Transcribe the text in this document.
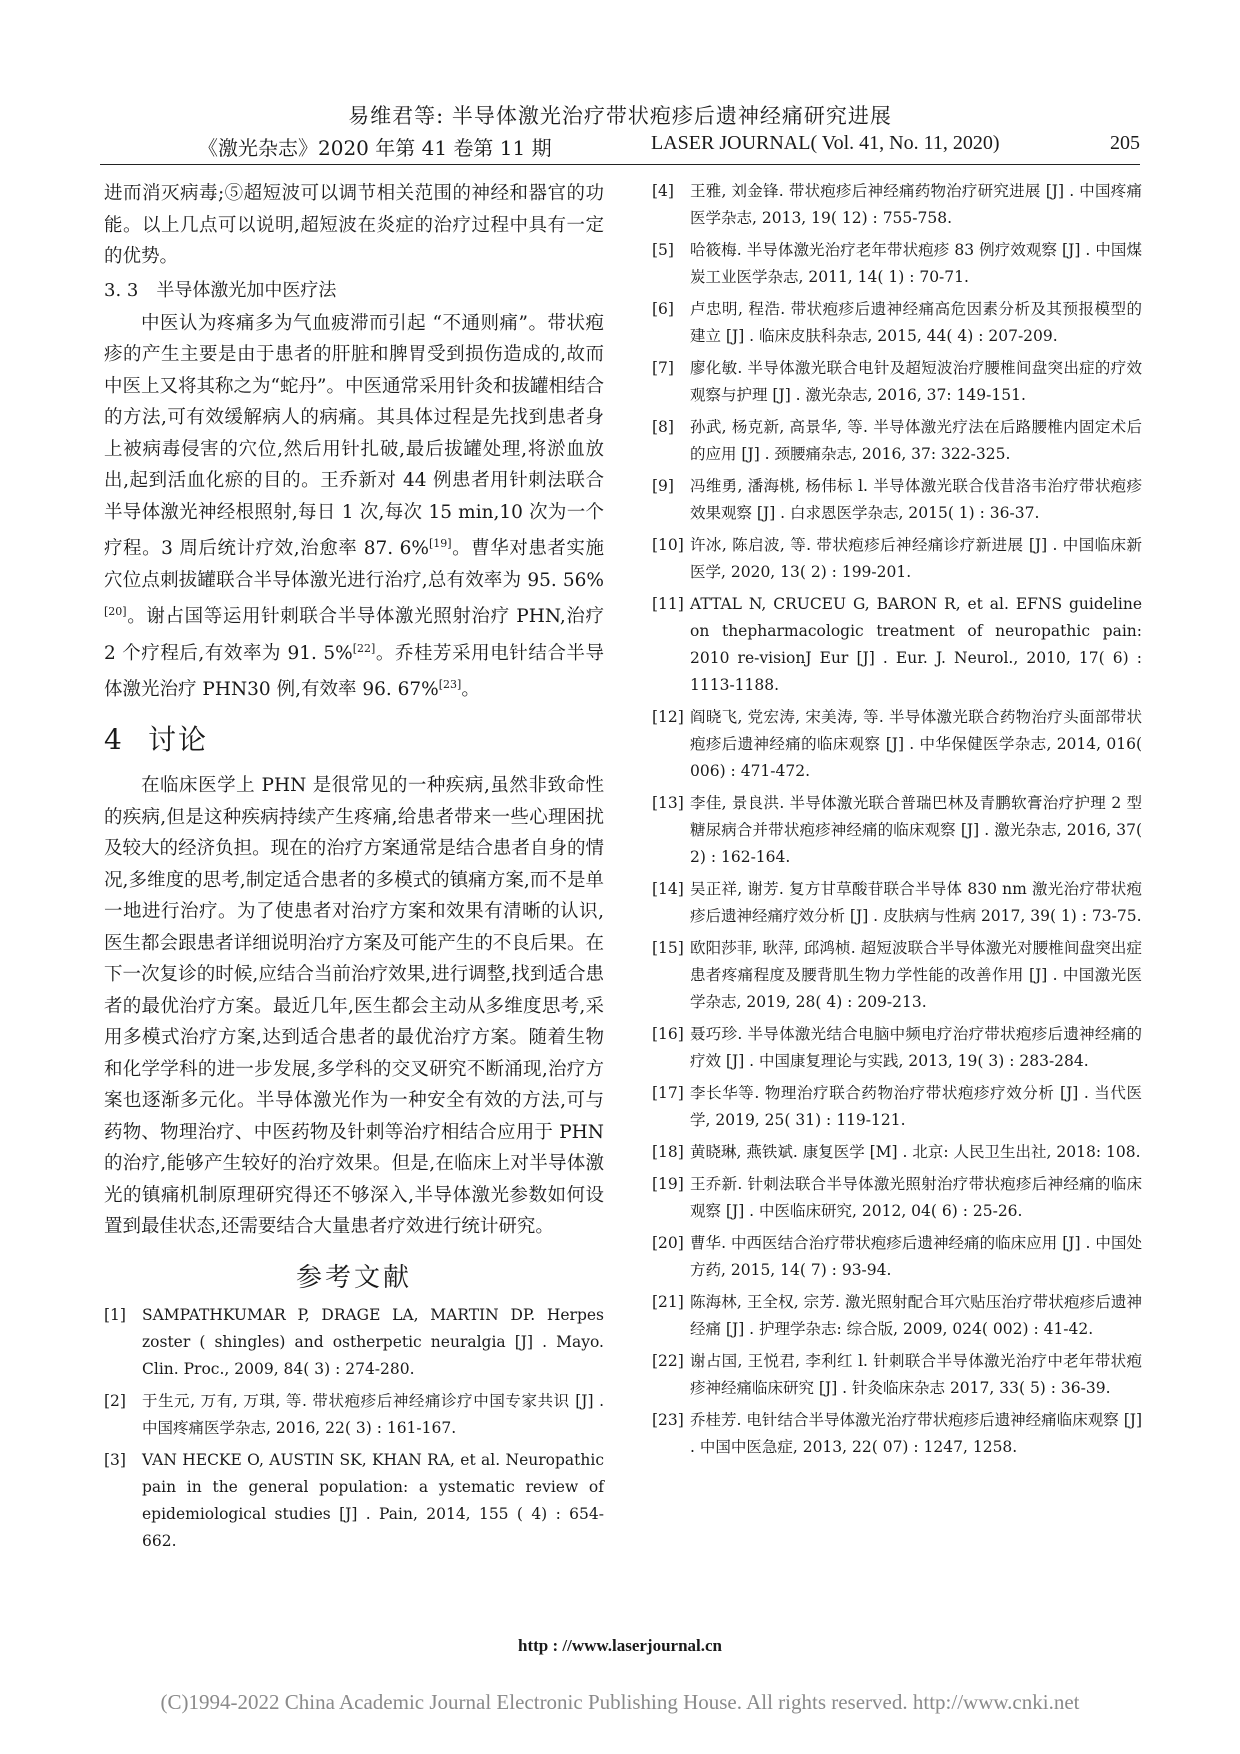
易维君等: 半导体激光治疗带状疱疹后遗神经痛研究进展
《激光杂志》2020 年第 41 卷第 11 期	LASER JOURNAL( Vol. 41, No. 11, 2020)	205

进而消灭病毒;⑤超短波可以调节相关范围的神经和器官的功能。以上几点可以说明,超短波在炎症的治疗过程中具有一定的优势。

3. 3　半导体激光加中医疗法

中医认为疼痛多为气血疲滞而引起 “不通则痛”。带状疱疹的产生主要是由于患者的肝脏和脾胃受到损伤造成的,故而中医上又将其称之为“蛇丹”。中医通常采用针灸和拔罐相结合的方法,可有效缓解病人的病痛。其具体过程是先找到患者身上被病毒侵害的穴位,然后用针扎破,最后拔罐处理,将淤血放出,起到活血化瘀的目的。王乔新对 44 例患者用针刺法联合半导体激光神经根照射,每日 1 次,每次 15 min,10 次为一个疗程。3 周后统计疗效,治愈率 87. 6%[19]。曹华对患者实施穴位点刺拔罐联合半导体激光进行治疗,总有效率为 95. 56%[20]。谢占国等运用针刺联合半导体激光照射治疗 PHN,治疗 2 个疗程后,有效率为 91. 5%[22]。乔桂芳采用电针结合半导体激光治疗 PHN30 例,有效率 96. 67%[23]。

4 讨论

在临床医学上 PHN 是很常见的一种疾病,虽然非致命性的疾病,但是这种疾病持续产生疼痛,给患者带来一些心理困扰及较大的经济负担。现在的治疗方案通常是结合患者自身的情况,多维度的思考,制定适合患者的多模式的镇痛方案,而不是单一地进行治疗。为了使患者对治疗方案和效果有清晰的认识,医生都会跟患者详细说明治疗方案及可能产生的不良后果。在下一次复诊的时候,应结合当前治疗效果,进行调整,找到适合患者的最优治疗方案。最近几年,医生都会主动从多维度思考,采用多模式治疗方案,达到适合患者的最优治疗方案。随着生物和化学学科的进一步发展,多学科的交叉研究不断涌现,治疗方案也逐渐多元化。半导体激光作为一种安全有效的方法,可与药物、物理治疗、中医药物及针刺等治疗相结合应用于 PHN 的治疗,能够产生较好的治疗效果。但是,在临床上对半导体激光的镇痛机制原理研究得还不够深入,半导体激光参数如何设置到最佳状态,还需要结合大量患者疗效进行统计研究。

参考文献
[1]	SAMPATHKUMAR P, DRAGE LA, MARTIN DP. Herpes zoster ( shingles) and ostherpetic neuralgia [J] . Mayo. Clin. Proc., 2009, 84( 3) : 274-280.
[2]	于生元, 万有, 万琪, 等. 带状疱疹后神经痛诊疗中国专家共识 [J] . 中国疼痛医学杂志, 2016, 22( 3) : 161-167.
[3]	VAN HECKE O, AUSTIN SK, KHAN RA, et al. Neuropathic pain in the general population: a ystematic review of epidemiological studies [J] . Pain, 2014, 155 ( 4) : 654-662.
[4]	王雅, 刘金锋. 带状疱疹后神经痛药物治疗研究进展 [J] . 中国疼痛医学杂志, 2013, 19( 12) : 755-758.
[5]	哈筱梅. 半导体激光治疗老年带状疱疹 83 例疗效观察 [J] . 中国煤炭工业医学杂志, 2011, 14( 1) : 70-71.
[6]	卢忠明, 程浩. 带状疱疹后遗神经痛高危因素分析及其预报模型的建立 [J] . 临床皮肤科杂志, 2015, 44( 4) : 207-209.
[7]	廖化敏. 半导体激光联合电针及超短波治疗腰椎间盘突出症的疗效观察与护理 [J] . 激光杂志, 2016, 37: 149-151.
[8]	孙武, 杨克新, 高景华, 等. 半导体激光疗法在后路腰椎内固定术后的应用 [J] . 颈腰痛杂志, 2016, 37: 322-325.
[9]	冯维勇, 潘海桃, 杨伟标 l. 半导体激光联合伐昔洛韦治疗带状疱疹效果观察 [J] . 白求恩医学杂志, 2015( 1) : 36-37.
[10] 许冰, 陈启波, 等. 带状疱疹后神经痛诊疗新进展 [J] . 中国临床新医学, 2020, 13( 2) : 199-201.
[11] ATTAL N, CRUCEU G, BARON R, et al. EFNS guideline on thepharmacologic treatment of neuropathic pain: 2010 re-visionJ Eur [J] . Eur. J. Neurol., 2010, 17( 6) : 1113-1188.
[12] 阎晓飞, 党宏涛, 宋美涛, 等. 半导体激光联合药物治疗头面部带状疱疹后遗神经痛的临床观察 [J] . 中华保健医学杂志, 2014, 016( 006) : 471-472.
[13] 李佳, 景良洪. 半导体激光联合普瑞巴林及青鹏软膏治疗护理 2 型糖尿病合并带状疱疹神经痛的临床观察 [J] . 激光杂志, 2016, 37( 2) : 162-164.
[14] 吴正祥, 谢芳. 复方甘草酸苷联合半导体 830 nm 激光治疗带状疱疹后遗神经痛疗效分析 [J] . 皮肤病与性病 2017, 39( 1) : 73-75.
[15] 欧阳莎菲, 耿萍, 邱鸿桢. 超短波联合半导体激光对腰椎间盘突出症患者疼痛程度及腰背肌生物力学性能的改善作用 [J] . 中国激光医学杂志, 2019, 28( 4) : 209-213.
[16] 聂巧珍. 半导体激光结合电脑中频电疗治疗带状疱疹后遗神经痛的疗效 [J] . 中国康复理论与实践, 2013, 19( 3) : 283-284.
[17] 李长华等. 物理治疗联合药物治疗带状疱疹疗效分析 [J] . 当代医学, 2019, 25( 31) : 119-121.
[18] 黄晓琳, 燕铁斌. 康复医学 [M] . 北京: 人民卫生出社, 2018: 108.
[19] 王乔新. 针刺法联合半导体激光照射治疗带状疱疹后神经痛的临床观察 [J] . 中医临床研究, 2012, 04( 6) : 25-26.
[20] 曹华. 中西医结合治疗带状疱疹后遗神经痛的临床应用 [J] . 中国处方药, 2015, 14( 7) : 93-94.
[21] 陈海林, 王全权, 宗芳. 激光照射配合耳穴贴压治疗带状疱疹后遗神经痛 [J] . 护理学杂志: 综合版, 2009, 024( 002) : 41-42.
[22] 谢占国, 王悦君, 李利红 l. 针刺联合半导体激光治疗中老年带状疱疹神经痛临床研究 [J] . 针灸临床杂志 2017, 33( 5) : 36-39.
[23] 乔桂芳. 电针结合半导体激光治疗带状疱疹后遗神经痛临床观察 [J] . 中国中医急症, 2013, 22( 07) : 1247, 1258.
http : //www.laserjournal.cn
(C)1994-2022 China Academic Journal Electronic Publishing House. All rights reserved. http://www.cnki.net
